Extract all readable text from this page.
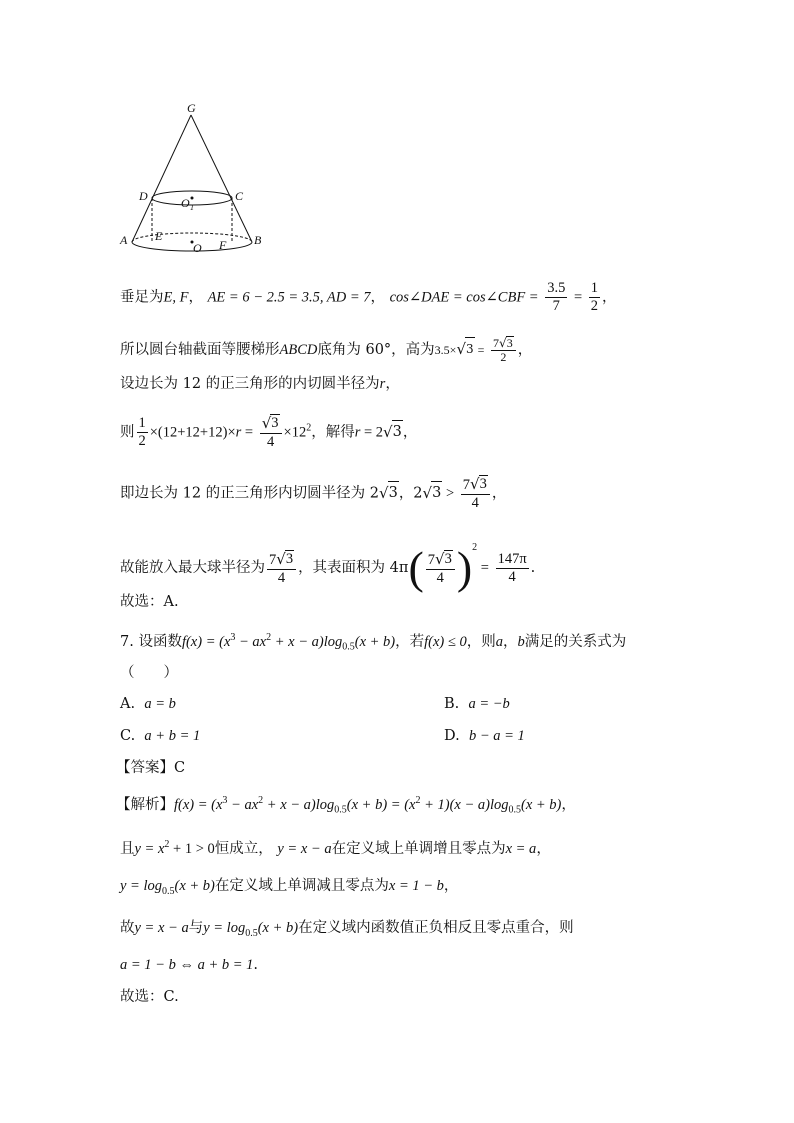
G
D	C
O 1
A E
O F B
垂足为E, F， AE = 6 − 2.5 = 3.5, AD = 7， cos∠DAE = cos∠CBF = $\frac{3.5}{7} = \frac{1}{2}$ ，
所以圆台轴截面等腰梯形ABCD底角为 60°，高为3.5× √ $3 = \frac{7 √ 3}{2}$ ，
设边长为 12 的正三角形的内切圆半径为r，
则 $\frac{1}{2} \times(12+12+12)\times r = \frac{√ 3}{4} \times 12^2$，解得r = 2 √ 3 ，
即边长为 12 的正三角形内切圆半径为 2 √ 3 ，2 √ $3 > \frac{7 √ 3}{4}$ ，
故能放入最大球半径为 $\frac{7 √ 3}{4}$ ，其表面积为 $4\pi( \frac{7 √ 3}{4} )^2 = \frac{147\pi}{4}$ .
故选：A.
7. 设函数$f(x) = (x^3 - ax^2 + x - a)\log_{0.5}(x + b)$，若f(x) ≤ 0，则a，b满足的关系式为
（　　）
A. a = b	B. a = −b
C. a + b = 1	D. b − a = 1
【答案】C
【解析】$f(x) = (x^3 - ax^2 + x - a)\log_{0.5}(x + b) = (x^2 + 1)(x - a)\log_{0.5}(x + b)$，
且$y = x^2 + 1 > 0$恒成立， y = x − a在定义域上单调增且零点为x = a，
$y = \log_{0.5}(x + b)$在定义域上单调减且零点为x = 1 − b，
故y = x − a与$y = \log_{0.5}(x + b)$在定义域内函数值正负相反且零点重合，则
a = 1 − b ⇔ a + b = 1.
故选：C.
